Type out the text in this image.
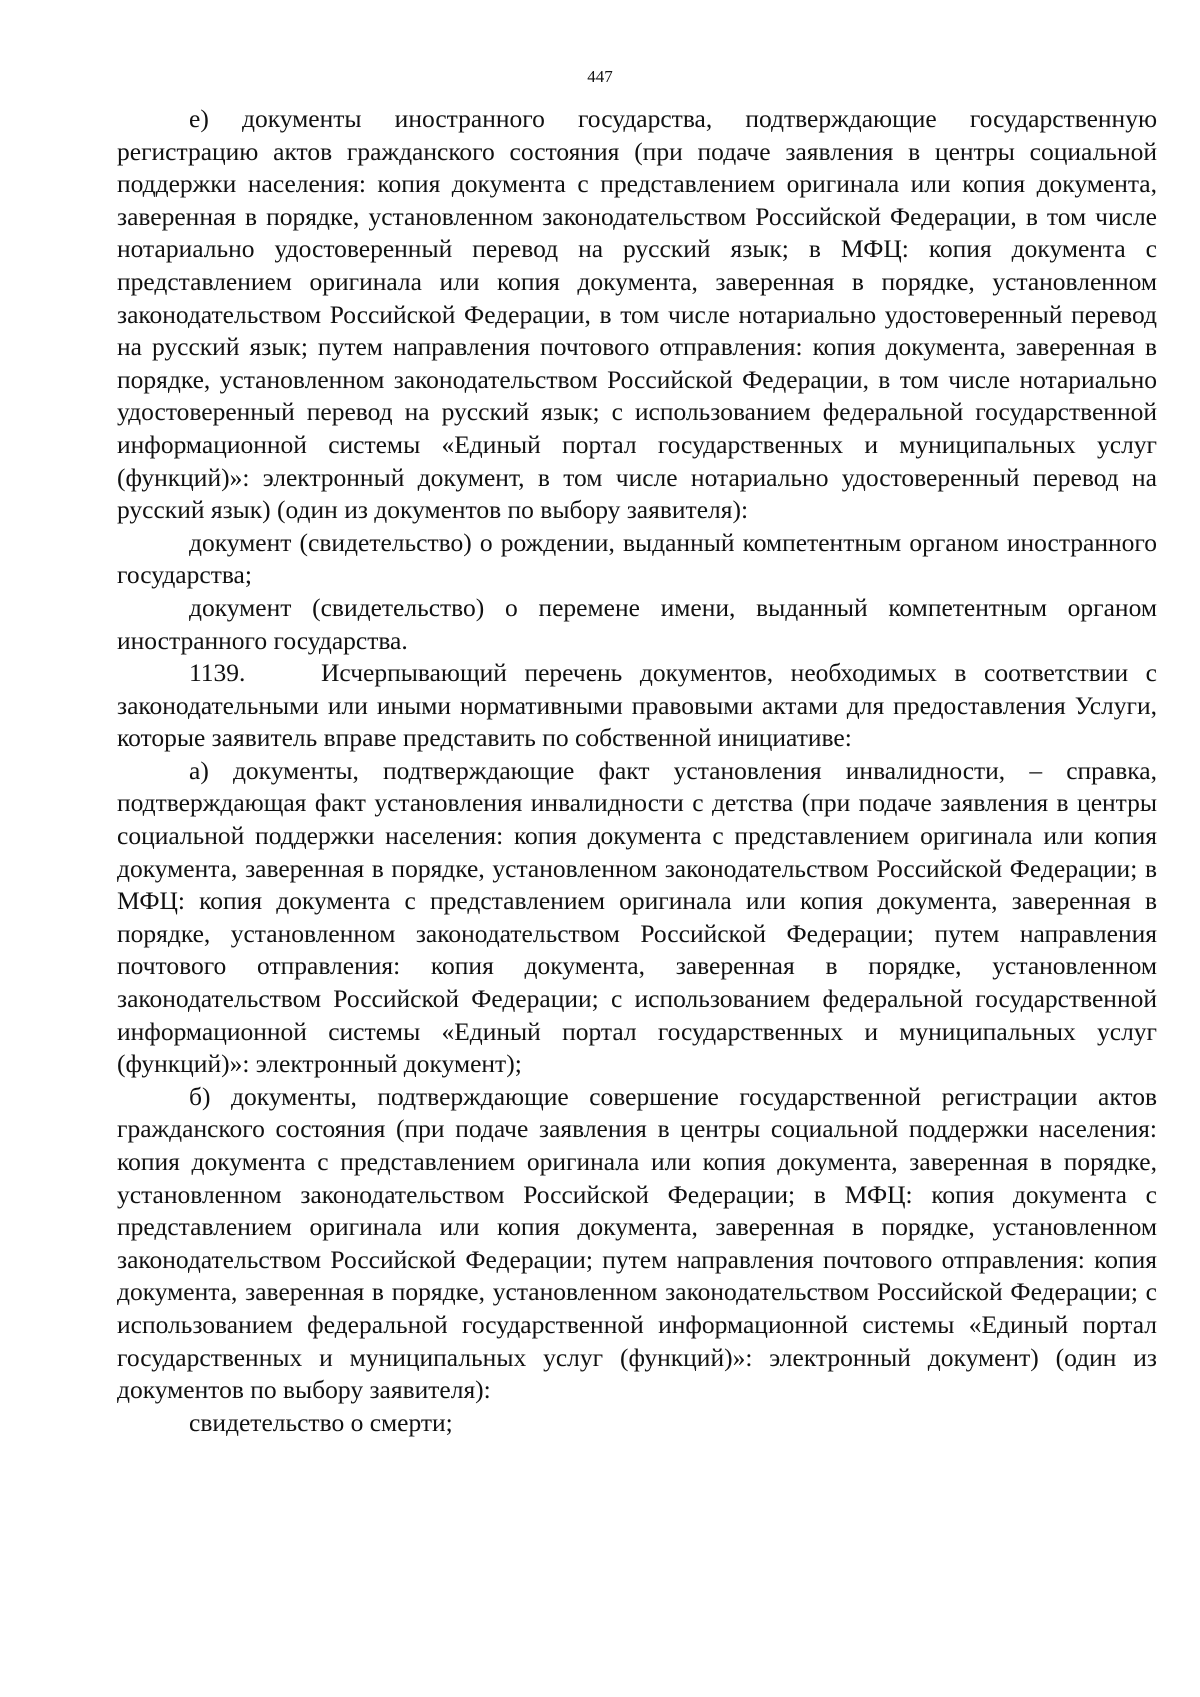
447

е) документы иностранного государства, подтверждающие государственную регистрацию актов гражданского состояния (при подаче заявления в центры социальной поддержки населения: копия документа с представлением оригинала или копия документа, заверенная в порядке, установленном законодательством Российской Федерации, в том числе нотариально удостоверенный перевод на русский язык; в МФЦ: копия документа с представлением оригинала или копия документа, заверенная в порядке, установленном законодательством Российской Федерации, в том числе нотариально удостоверенный перевод на русский язык; путем направления почтового отправления: копия документа, заверенная в порядке, установленном законодательством Российской Федерации, в том числе нотариально удостоверенный перевод на русский язык; с использованием федеральной государственной информационной системы «Единый портал государственных и муниципальных услуг (функций)»: электронный документ, в том числе нотариально удостоверенный перевод на русский язык) (один из документов по выбору заявителя):

документ (свидетельство) о рождении, выданный компетентным органом иностранного государства;

документ (свидетельство) о перемене имени, выданный компетентным органом иностранного государства.

1139.	Исчерпывающий перечень документов, необходимых в соответствии с законодательными или иными нормативными правовыми актами для предоставления Услуги, которые заявитель вправе представить по собственной инициативе:

а) документы, подтверждающие факт установления инвалидности, – справка, подтверждающая факт установления инвалидности с детства (при подаче заявления в центры социальной поддержки населения: копия документа с представлением оригинала или копия документа, заверенная в порядке, установленном законодательством Российской Федерации; в МФЦ: копия документа с представлением оригинала или копия документа, заверенная в порядке, установленном законодательством Российской Федерации; путем направления почтового отправления: копия документа, заверенная в порядке, установленном законодательством Российской Федерации; с использованием федеральной государственной информационной системы «Единый портал государственных и муниципальных услуг (функций)»: электронный документ);

б) документы, подтверждающие совершение государственной регистрации актов гражданского состояния (при подаче заявления в центры социальной поддержки населения: копия документа с представлением оригинала или копия документа, заверенная в порядке, установленном законодательством Российской Федерации; в МФЦ: копия документа с представлением оригинала или копия документа, заверенная в порядке, установленном законодательством Российской Федерации; путем направления почтового отправления: копия документа, заверенная в порядке, установленном законодательством Российской Федерации; с использованием федеральной государственной информационной системы «Единый портал государственных и муниципальных услуг (функций)»: электронный документ) (один из документов по выбору заявителя):

свидетельство о смерти;
